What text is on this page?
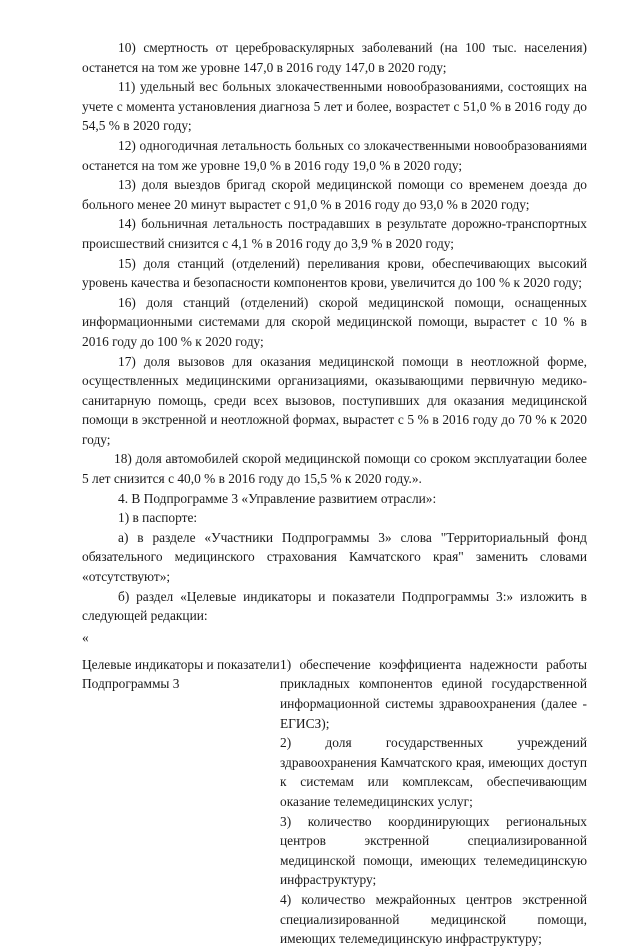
10) смертность от цереброваскулярных заболеваний (на 100 тыс. населения) останется на том же уровне 147,0 в 2016 году 147,0 в 2020 году;

11) удельный вес больных злокачественными новообразованиями, состоящих на учете с момента установления диагноза 5 лет и более, возрастет с 51,0 % в 2016 году до 54,5 % в 2020 году;

12) одногодичная летальность больных со злокачественными новообразованиями останется на том же уровне 19,0 % в 2016 году 19,0 % в 2020 году;

13) доля выездов бригад скорой медицинской помощи со временем доезда до больного менее 20 минут вырастет с 91,0 % в 2016 году до 93,0 % в 2020 году;

14) больничная летальность пострадавших в результате дорожно-транспортных происшествий снизится с 4,1 % в 2016 году до 3,9 % в 2020 году;

15) доля станций (отделений) переливания крови, обеспечивающих высокий уровень качества и безопасности компонентов крови, увеличится до 100 % к 2020 году;

16) доля станций (отделений) скорой медицинской помощи, оснащенных информационными системами для скорой медицинской помощи, вырастет с 10 % в 2016 году до 100 % к 2020 году;

17) доля вызовов для оказания медицинской помощи в неотложной форме, осуществленных медицинскими организациями, оказывающими первичную медико-санитарную помощь, среди всех вызовов, поступивших для оказания медицинской помощи в экстренной и неотложной формах, вырастет с 5 % в 2016 году до 70 % к 2020 году;

18) доля автомобилей скорой медицинской помощи со сроком эксплуатации более 5 лет снизится с 40,0 % в 2016 году до 15,5 % к 2020 году.».

4. В Подпрограмме 3 «Управление развитием отрасли»:

1) в паспорте:

а) в разделе «Участники Подпрограммы 3» слова "Территориальный фонд обязательного медицинского страхования Камчатского края" заменить словами «отсутствуют»;

б) раздел «Целевые индикаторы и показатели Подпрограммы 3:» изложить в следующей редакции:

«

Целевые индикаторы и показатели Подпрограммы 3

1) обеспечение коэффициента надежности работы прикладных компонентов единой государственной информационной системы здравоохранения (далее - ЕГИСЗ);

2) доля государственных учреждений здравоохранения Камчатского края, имеющих доступ к системам или комплексам, обеспечивающим оказание телемедицинских услуг;

3) количество координирующих региональных центров экстренной специализированной медицинской помощи, имеющих телемедицинскую инфраструктуру;

4) количество межрайонных центров экстренной специализированной медицинской помощи, имеющих телемедицинскую инфраструктуру;
